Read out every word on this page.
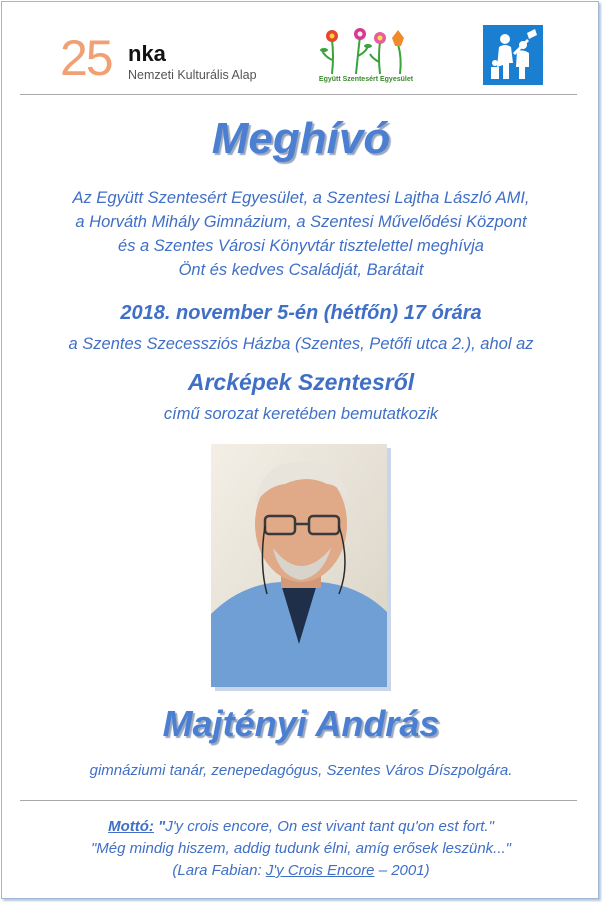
25 nka
Nemzeti Kulturális Alap	Együtt Szentesért Egyesület
Meghívó
Az Együtt Szentesért Egyesület, a Szentesi Lajtha László AMI,
a Horváth Mihály Gimnázium, a Szentesi Művelődési Központ
és a Szentes Városi Könyvtár tisztelettel meghívja
Önt és kedves Családját, Barátait
2018. november 5-én (hétfőn) 17 órára
a Szentes Szecessziós Házba (Szentes, Petőfi utca 2.), ahol az
Arcképek Szentesről
című sorozat keretében bemutatkozik
Majtényi András
gimnáziumi tanár, zenepedagógus, Szentes Város Díszpolgára.
Mottó: "J'y crois encore, On est vivant tant qu'on est fort."
"Még mindig hiszem, addig tudunk élni, amíg erősek leszünk..."
(Lara Fabian: J'y Crois Encore – 2001)
